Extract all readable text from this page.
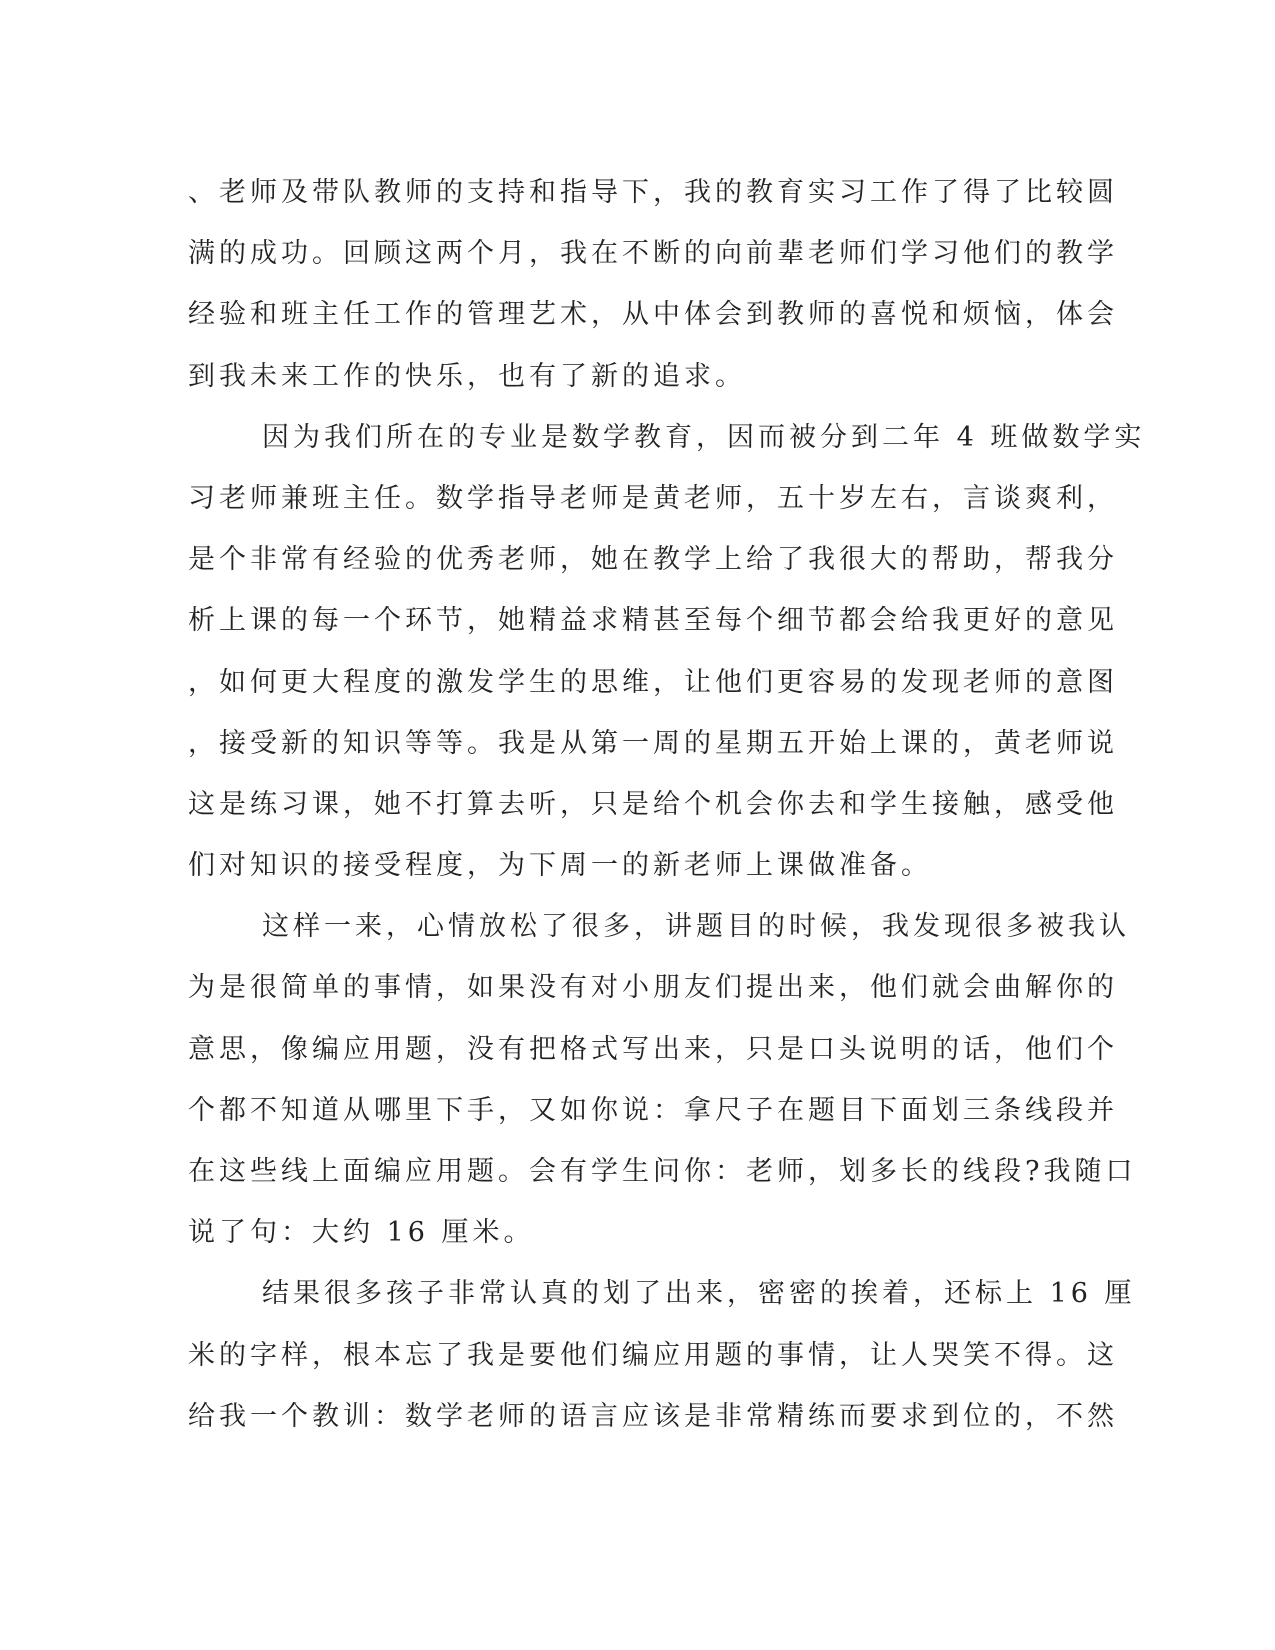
、老师及带队教师的支持和指导下，我的教育实习工作了得了比较圆
满的成功。回顾这两个月，我在不断的向前辈老师们学习他们的教学
经验和班主任工作的管理艺术，从中体会到教师的喜悦和烦恼，体会
到我未来工作的快乐，也有了新的追求。
因为我们所在的专业是数学教育，因而被分到二年 4 班做数学实
习老师兼班主任。数学指导老师是黄老师，五十岁左右，言谈爽利，
是个非常有经验的优秀老师，她在教学上给了我很大的帮助，帮我分
析上课的每一个环节，她精益求精甚至每个细节都会给我更好的意见
，如何更大程度的激发学生的思维，让他们更容易的发现老师的意图
，接受新的知识等等。我是从第一周的星期五开始上课的，黄老师说
这是练习课，她不打算去听，只是给个机会你去和学生接触，感受他
们对知识的接受程度，为下周一的新老师上课做准备。
这样一来，心情放松了很多，讲题目的时候，我发现很多被我认
为是很简单的事情，如果没有对小朋友们提出来，他们就会曲解你的
意思，像编应用题，没有把格式写出来，只是口头说明的话，他们个
个都不知道从哪里下手，又如你说：拿尺子在题目下面划三条线段并
在这些线上面编应用题。会有学生问你：老师，划多长的线段?我随口
说了句：大约 16 厘米。
结果很多孩子非常认真的划了出来，密密的挨着，还标上 16 厘
米的字样，根本忘了我是要他们编应用题的事情，让人哭笑不得。这
给我一个教训：数学老师的语言应该是非常精练而要求到位的，不然
